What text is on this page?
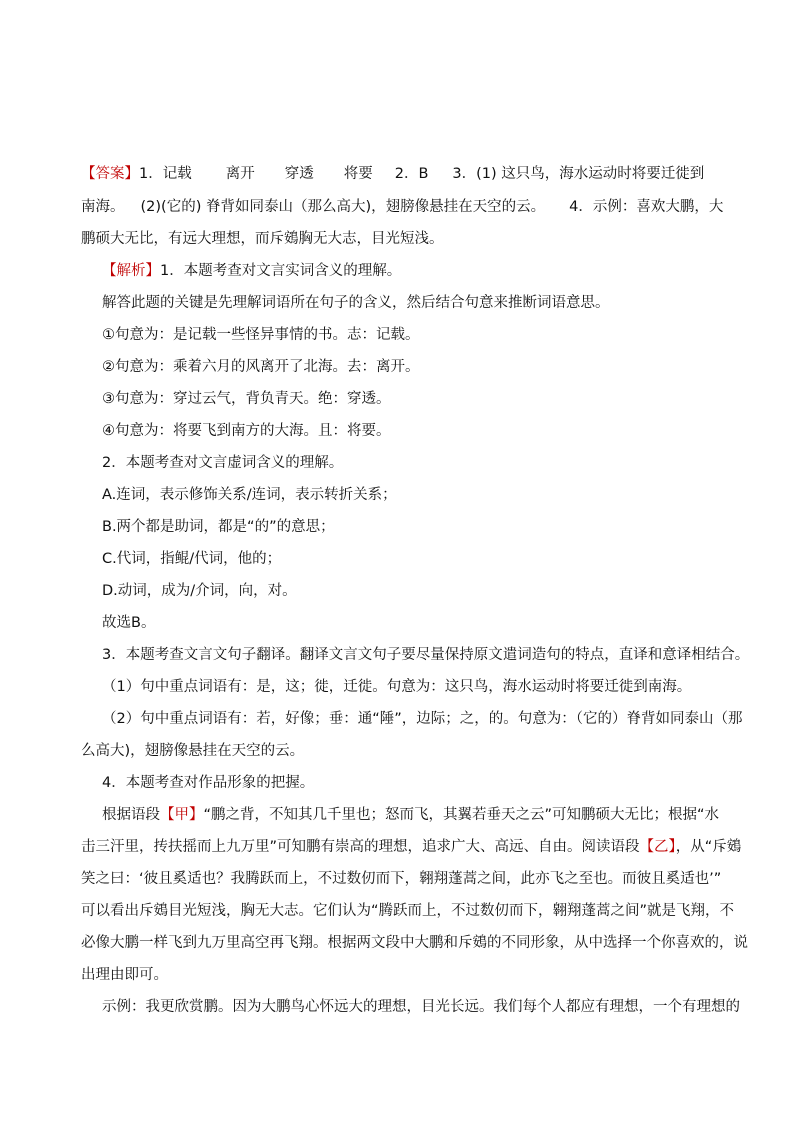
【答案】1．记载 离开 穿透 将要 2．B 3．(1) 这只鸟，海水运动时将要迁徙到
南海。 (2)(它的) 脊背如同泰山（那么高大)，翅膀像悬挂在天空的云。 4．示例：喜欢大鹏，大
鹏硕大无比，有远大理想，而斥鴳胸无大志，目光短浅。
【解析】1．本题考查对文言实词含义的理解。
解答此题的关键是先理解词语所在句子的含义，然后结合句意来推断词语意思。
①句意为：是记载一些怪异事情的书。志：记载。
②句意为：乘着六月的风离开了北海。去：离开。
③句意为：穿过云气，背负青天。绝：穿透。
④句意为：将要飞到南方的大海。且：将要。
2．本题考查对文言虚词含义的理解。
A.连词，表示修饰关系/连词，表示转折关系；
B.两个都是助词，都是“的”的意思；
C.代词，指鲲/代词，他的；
D.动词，成为/介词，向，对。
故选B。
3．本题考查文言文句子翻译。翻译文言文句子要尽量保持原文遣词造句的特点，直译和意译相结合。
（1）句中重点词语有：是，这；徙，迁徙。句意为：这只鸟，海水运动时将要迁徙到南海。
（2）句中重点词语有：若，好像；垂：通“陲”，边际；之，的。句意为：（它的）脊背如同泰山（那
么高大)，翅膀像悬挂在天空的云。
4．本题考查对作品形象的把握。
根据语段【甲】“鹏之背，不知其几千里也；怒而飞，其翼若垂天之云”可知鹏硕大无比；根据“水
击三汗里，抟扶摇而上九万里”可知鹏有崇高的理想，追求广大、高远、自由。阅读语段【乙】，从“斥鴳
笑之曰：‘彼且奚适也？我腾跃而上，不过数仞而下，翱翔蓬蒿之间，此亦飞之至也。而彼且奚适也’”
可以看出斥鴳目光短浅，胸无大志。它们认为“腾跃而上，不过数仞而下，翱翔蓬蒿之间”就是飞翔，不
必像大鹏一样飞到九万里高空再飞翔。根据两文段中大鹏和斥鴳的不同形象，从中选择一个你喜欢的，说
出理由即可。
示例：我更欣赏鹏。因为大鹏鸟心怀远大的理想，目光长远。我们每个人都应有理想，一个有理想的
